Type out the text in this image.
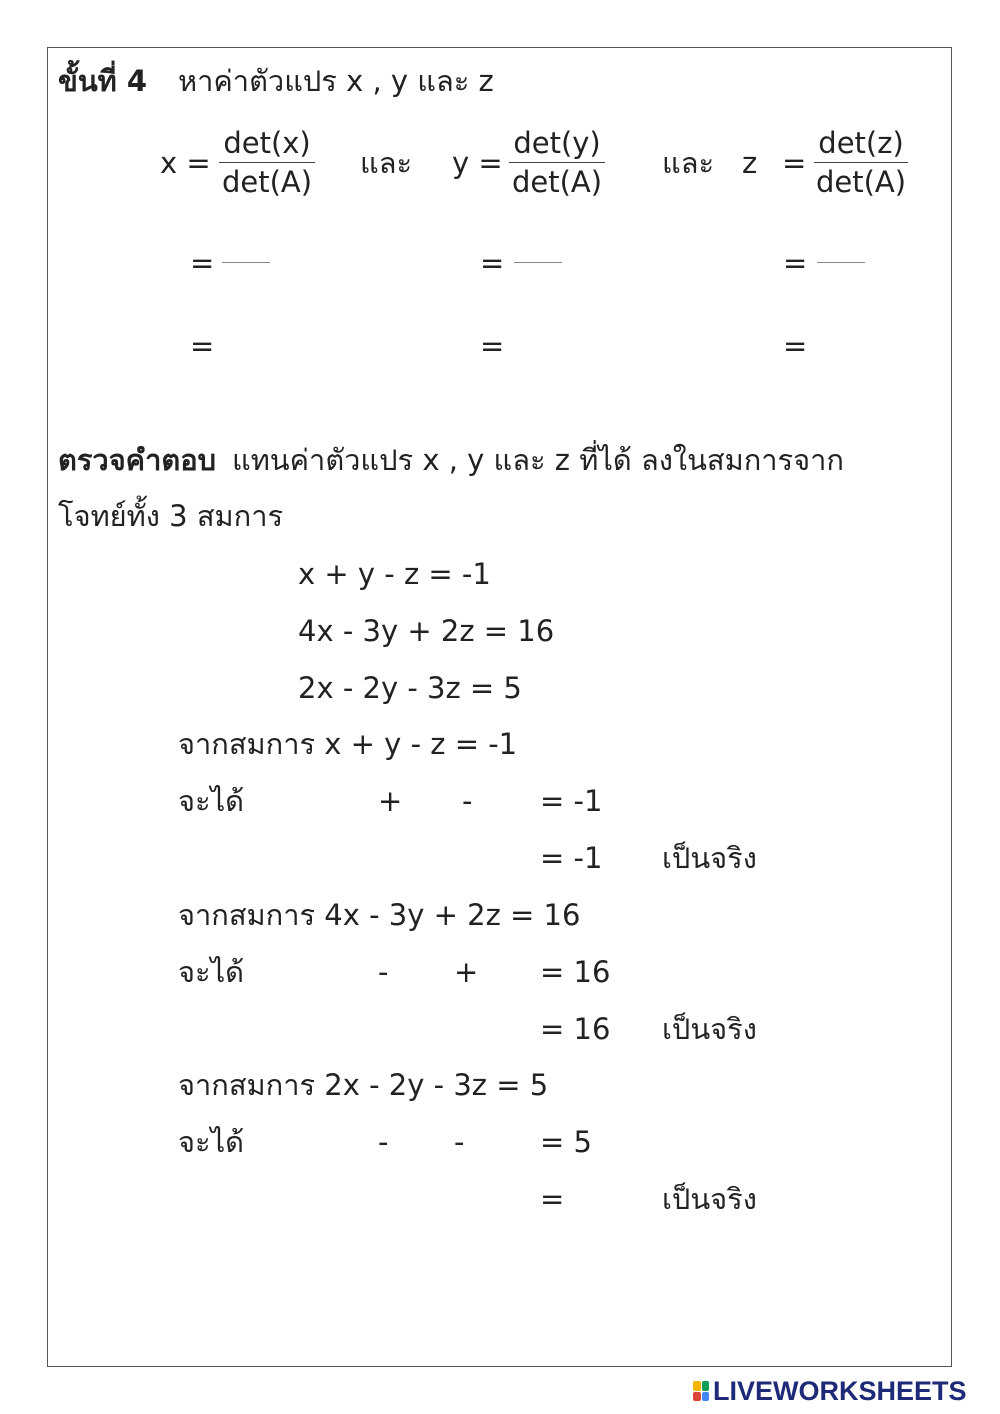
ขั้นที่ 4 หาค่าตัวแปร x , y และ z
x =
det(x)
det(A)
และ y =
det(y)
det(A)
และ z =
det(z)
det(A)
=	=	=
=	=	=
ตรวจคำตอบ แทนค่าตัวแปร x , y และ z ที่ได้ ลงในสมการจาก
โจทย์ทั้ง 3 สมการ
x + y - z = -1
4x - 3y + 2z = 16
2x - 2y - 3z = 5
จากสมการ x + y - z = -1
จะได้	+ - = -1
= -1 เป็นจริง
จากสมการ 4x - 3y + 2z = 16
จะได้	- + = 16
= 16 เป็นจริง
จากสมการ 2x - 2y - 3z = 5
จะได้	- -	= 5
=	เป็นจริง
LIVEWORKSHEETS
